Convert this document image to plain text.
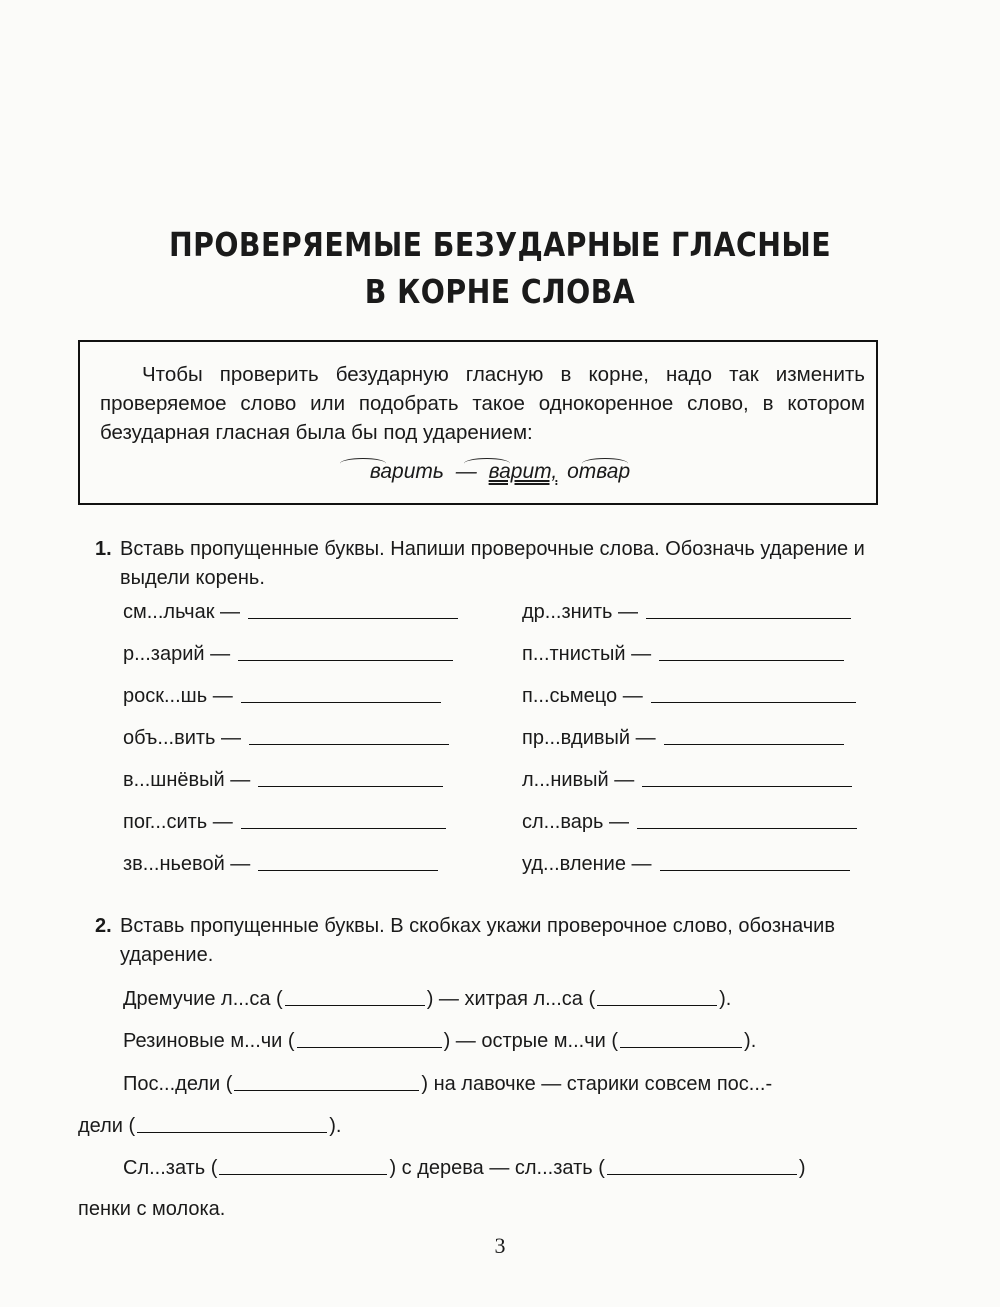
ПРОВЕРЯЕМЫЕ БЕЗУДАРНЫЕ ГЛАСНЫЕ
В КОРНЕ СЛОВА
Чтобы проверить безударную гласную в корне, надо так изменить проверяемое слово или подобрать такое однокоренное слово, в котором безударная гласная была бы под ударением:
варить — варит, отвар
1. Вставь пропущенные буквы. Напиши проверочные слова. Обозначь ударение и выдели корень.
см...льчак —
р...зарий —
роск...шь —
объ...вить —
в...шнёвый —
пог...сить —
зв...ньевой —
др...знить —
п...тнистый —
п...сьмецо —
пр...вдивый —
л...нивый —
сл...варь —
уд...вление —
2. Вставь пропущенные буквы. В скобках укажи проверочное слово, обозначив ударение.
Дремучие л...са (	) — хитрая л...са (	).
Резиновые м...чи (	) — острые м...чи (	).
Пос...дели (	) на лавочке — старики совсем пос...-
дели (	).
Сл...зать (	) с дерева — сл...зать (	)
пенки с молока.
3
